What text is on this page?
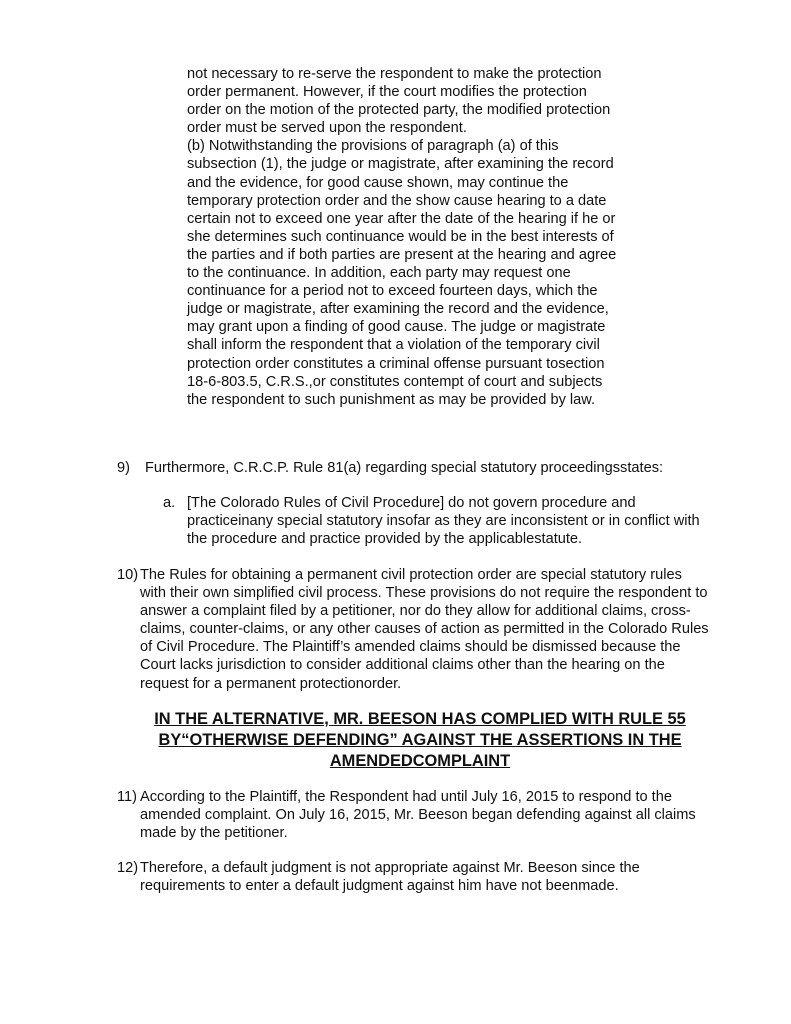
not necessary to re-serve the respondent to make the protection
order permanent. However, if the court modifies the protection
order on the motion of the protected party, the modified protection
order must be served upon the respondent.
(b) Notwithstanding the provisions of paragraph (a) of this
subsection (1), the judge or magistrate, after examining the record
and the evidence, for good cause shown, may continue the
temporary protection order and the show cause hearing to a date
certain not to exceed one year after the date of the hearing if he or
she determines such continuance would be in the best interests of
the parties and if both parties are present at the hearing and agree
to the continuance. In addition, each party may request one
continuance for a period not to exceed fourteen days, which the
judge or magistrate, after examining the record and the evidence,
may grant upon a finding of good cause. The judge or magistrate
shall inform the respondent that a violation of the temporary civil
protection order constitutes a criminal offense pursuant tosection
18-6-803.5, C.R.S.,or constitutes contempt of court and subjects
the respondent to such punishment as may be provided by law.
9) Furthermore, C.R.C.P. Rule 81(a) regarding special statutory proceedingsstates:
a. [The Colorado Rules of Civil Procedure] do not govern procedure and
practiceinany special statutory insofar as they are inconsistent or in conflict with
the procedure and practice provided by the applicablestatute.
10) The Rules for obtaining a permanent civil protection order are special statutory rules
with their own simplified civil process. These provisions do not require the respondent to
answer a complaint filed by a petitioner, nor do they allow for additional claims, cross-
claims, counter-claims, or any other causes of action as permitted in the Colorado Rules
of Civil Procedure. The Plaintiff’s amended claims should be dismissed because the
Court lacks jurisdiction to consider additional claims other than the hearing on the
request for a permanent protectionorder.
IN THE ALTERNATIVE, MR. BEESON HAS COMPLIED WITH RULE 55
BY“OTHERWISE DEFENDING” AGAINST THE ASSERTIONS IN THE
AMENDEDCOMPLAINT
11) According to the Plaintiff, the Respondent had until July 16, 2015 to respond to the
amended complaint. On July 16, 2015, Mr. Beeson began defending against all claims
made by the petitioner.
12) Therefore, a default judgment is not appropriate against Mr. Beeson since the
requirements to enter a default judgment against him have not beenmade.
